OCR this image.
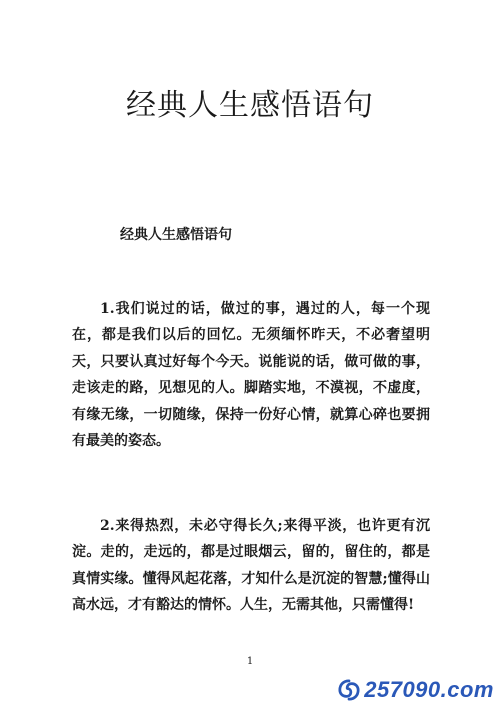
经典人生感悟语句

经典人生感悟语句

1.我们说过的话，做过的事，遇过的人，每一个现在，都是我们以后的回忆。无须缅怀昨天，不必奢望明天，只要认真过好每个今天。说能说的话，做可做的事，走该走的路，见想见的人。脚踏实地，不漠视，不虚度，有缘无缘，一切随缘，保持一份好心情，就算心碎也要拥有最美的姿态。

2.来得热烈，未必守得长久;来得平淡，也许更有沉淀。走的，走远的，都是过眼烟云，留的，留住的，都是真情实缘。懂得风起花落，才知什么是沉淀的智慧;懂得山高水远，才有豁达的情怀。人生，无需其他，只需懂得!

1

257090.com
